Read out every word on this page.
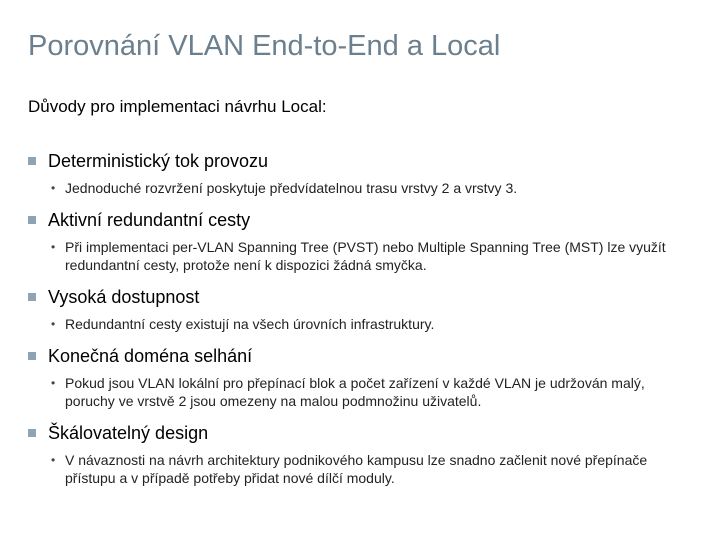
Porovnání VLAN End-to-End a Local
Důvody pro implementaci návrhu Local:
Deterministický tok provozu
• Jednoduché rozvržení poskytuje předvídatelnou trasu vrstvy 2 a vrstvy 3.
Aktivní redundantní cesty
• Při implementaci per-VLAN Spanning Tree (PVST) nebo Multiple Spanning Tree (MST) lze využít redundantní cesty, protože není k dispozici žádná smyčka.
Vysoká dostupnost
• Redundantní cesty existují na všech úrovních infrastruktury.
Konečná doména selhání
• Pokud jsou VLAN lokální pro přepínací blok a počet zařízení v každé VLAN je udržován malý, poruchy ve vrstvě 2 jsou omezeny na malou podmnožinu uživatelů.
Škálovatelný design
• V návaznosti na návrh architektury podnikového kampusu lze snadno začlenit nové přepínače přístupu a v případě potřeby přidat nové dílčí moduly.
